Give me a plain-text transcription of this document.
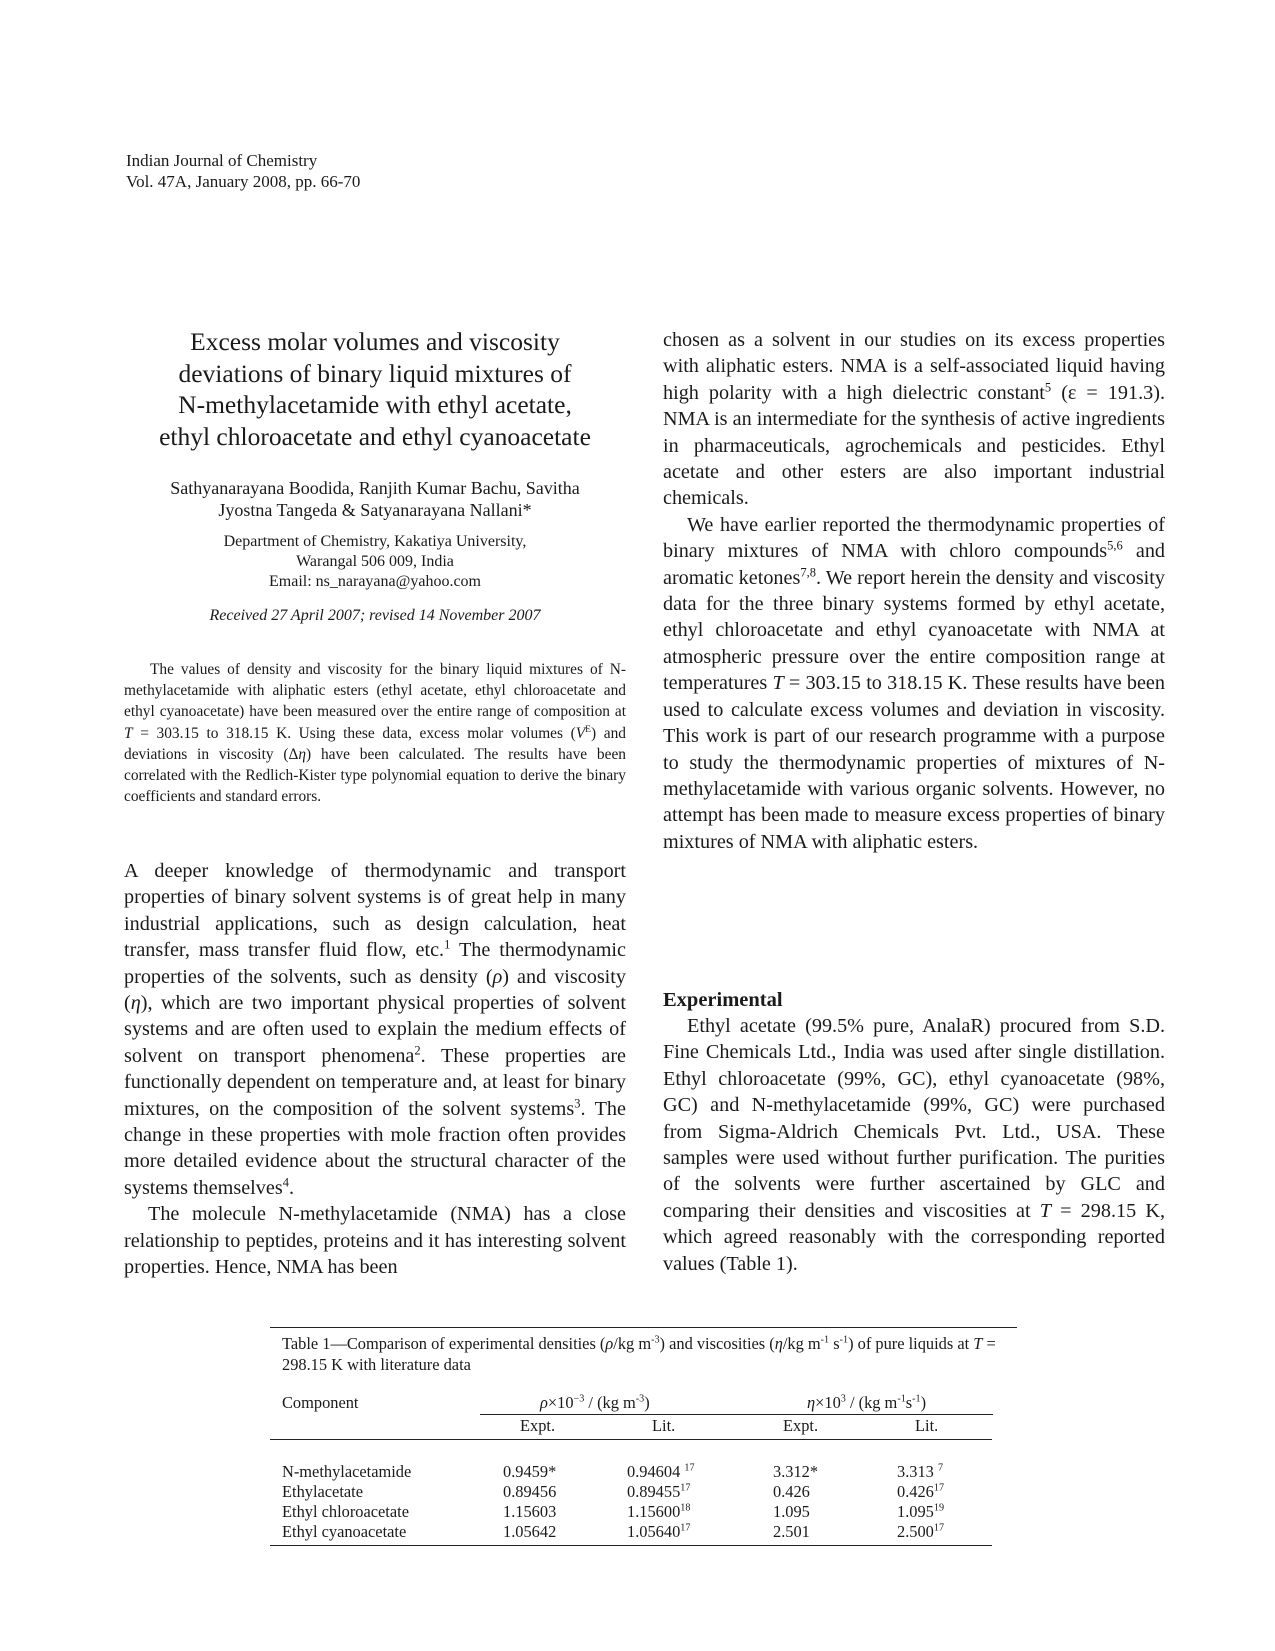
Indian Journal of Chemistry
Vol. 47A, January 2008, pp. 66-70
Excess molar volumes and viscosity
deviations of binary liquid mixtures of
N-methylacetamide with ethyl acetate,
ethyl chloroacetate and ethyl cyanoacetate
Sathyanarayana Boodida, Ranjith Kumar Bachu, Savitha
Jyostna Tangeda & Satyanarayana Nallani*
Department of Chemistry, Kakatiya University,
Warangal 506 009, India
Email: ns_narayana@yahoo.com
Received 27 April 2007; revised 14 November 2007

The values of density and viscosity for the binary liquid mixtures of N-methylacetamide with aliphatic esters (ethyl acetate, ethyl chloroacetate and ethyl cyanoacetate) have been measured over the entire range of composition at T = 303.15 to 318.15 K. Using these data, excess molar volumes $(V^E)$ and deviations in viscosity (Δη) have been calculated. The results have been correlated with the Redlich-Kister type polynomial equation to derive the binary coefficients and standard errors.

A deeper knowledge of thermodynamic and transport properties of binary solvent systems is of great help in many industrial applications, such as design calculation, heat transfer, mass transfer fluid flow, etc.$^1$ The thermodynamic properties of the solvents, such as density (ρ) and viscosity (η), which are two important physical properties of solvent systems and are often used to explain the medium effects of solvent on transport phenomena$^2$. These properties are functionally dependent on temperature and, at least for binary mixtures, on the composition of the solvent systems$^3$. The change in these properties with mole fraction often provides more detailed evidence about the structural character of the systems themselves$^4$.

The molecule N-methylacetamide (NMA) has a close relationship to peptides, proteins and it has interesting solvent properties. Hence, NMA has been

chosen as a solvent in our studies on its excess properties with aliphatic esters. NMA is a self-associated liquid having high polarity with a high dielectric constant$^5$ (ε = 191.3). NMA is an intermediate for the synthesis of active ingredients in pharmaceuticals, agrochemicals and pesticides. Ethyl acetate and other esters are also important industrial chemicals.

We have earlier reported the thermodynamic properties of binary mixtures of NMA with chloro compounds$^{5,6}$ and aromatic ketones$^{7,8}$. We report herein the density and viscosity data for the three binary systems formed by ethyl acetate, ethyl chloroacetate and ethyl cyanoacetate with NMA at atmospheric pressure over the entire composition range at temperatures T = 303.15 to 318.15 K. These results have been used to calculate excess volumes and deviation in viscosity. This work is part of our research programme with a purpose to study the thermodynamic properties of mixtures of N-methylacetamide with various organic solvents. However, no attempt has been made to measure excess properties of binary mixtures of NMA with aliphatic esters.

Experimental

Ethyl acetate (99.5% pure, AnalaR) procured from S.D. Fine Chemicals Ltd., India was used after single distillation. Ethyl chloroacetate (99%, GC), ethyl cyanoacetate (98%, GC) and N-methylacetamide (99%, GC) were purchased from Sigma-Aldrich Chemicals Pvt. Ltd., USA. These samples were used without further purification. The purities of the solvents were further ascertained by GLC and comparing their densities and viscosities at T = 298.15 K, which agreed reasonably with the corresponding reported values (Table 1).

Table 1—Comparison of experimental densities (ρ/kg $m^{-3}$) and viscosities (η/kg $m^{-1}$ $s^{-1}$) of pure liquids at T = 298.15 K with literature data
Component	$\rho\times 10^{-3} / (kg$ $m^{-3}$)	$\eta\times 10^3 / (kg$ $m^{-1}s^{-1}$)
Expt.	Lit.	Expt.	Lit.
N-methylacetamide	0.9459*	0.94604 $^{17}$	3.312*	3.313 $^7$
Ethylacetate	0.89456	0.89455$^{17}$	0.426	0.426$^{17}$
Ethyl chloroacetate	1.15603	1.15600$^{18}$	1.095	1.095$^{19}$
Ethyl cyanoacetate	1.05642	1.05640$^{17}$	2.501	2.500$^{17}$
